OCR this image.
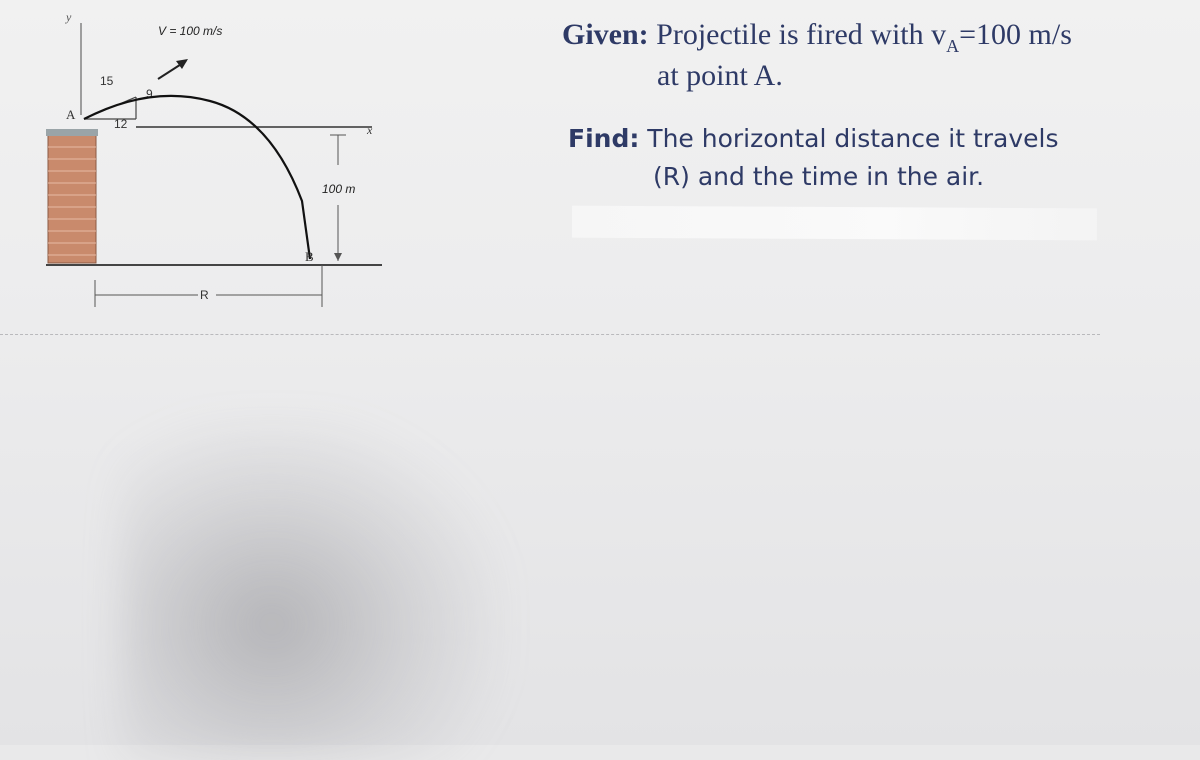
y
x
15
9
12
V = 100 m/s
A
B
100 m
R
Given: Projectile is fired with $v_A=100$ m/s
at point A.
Find: The horizontal distance it travels
(R) and the time in the air.
